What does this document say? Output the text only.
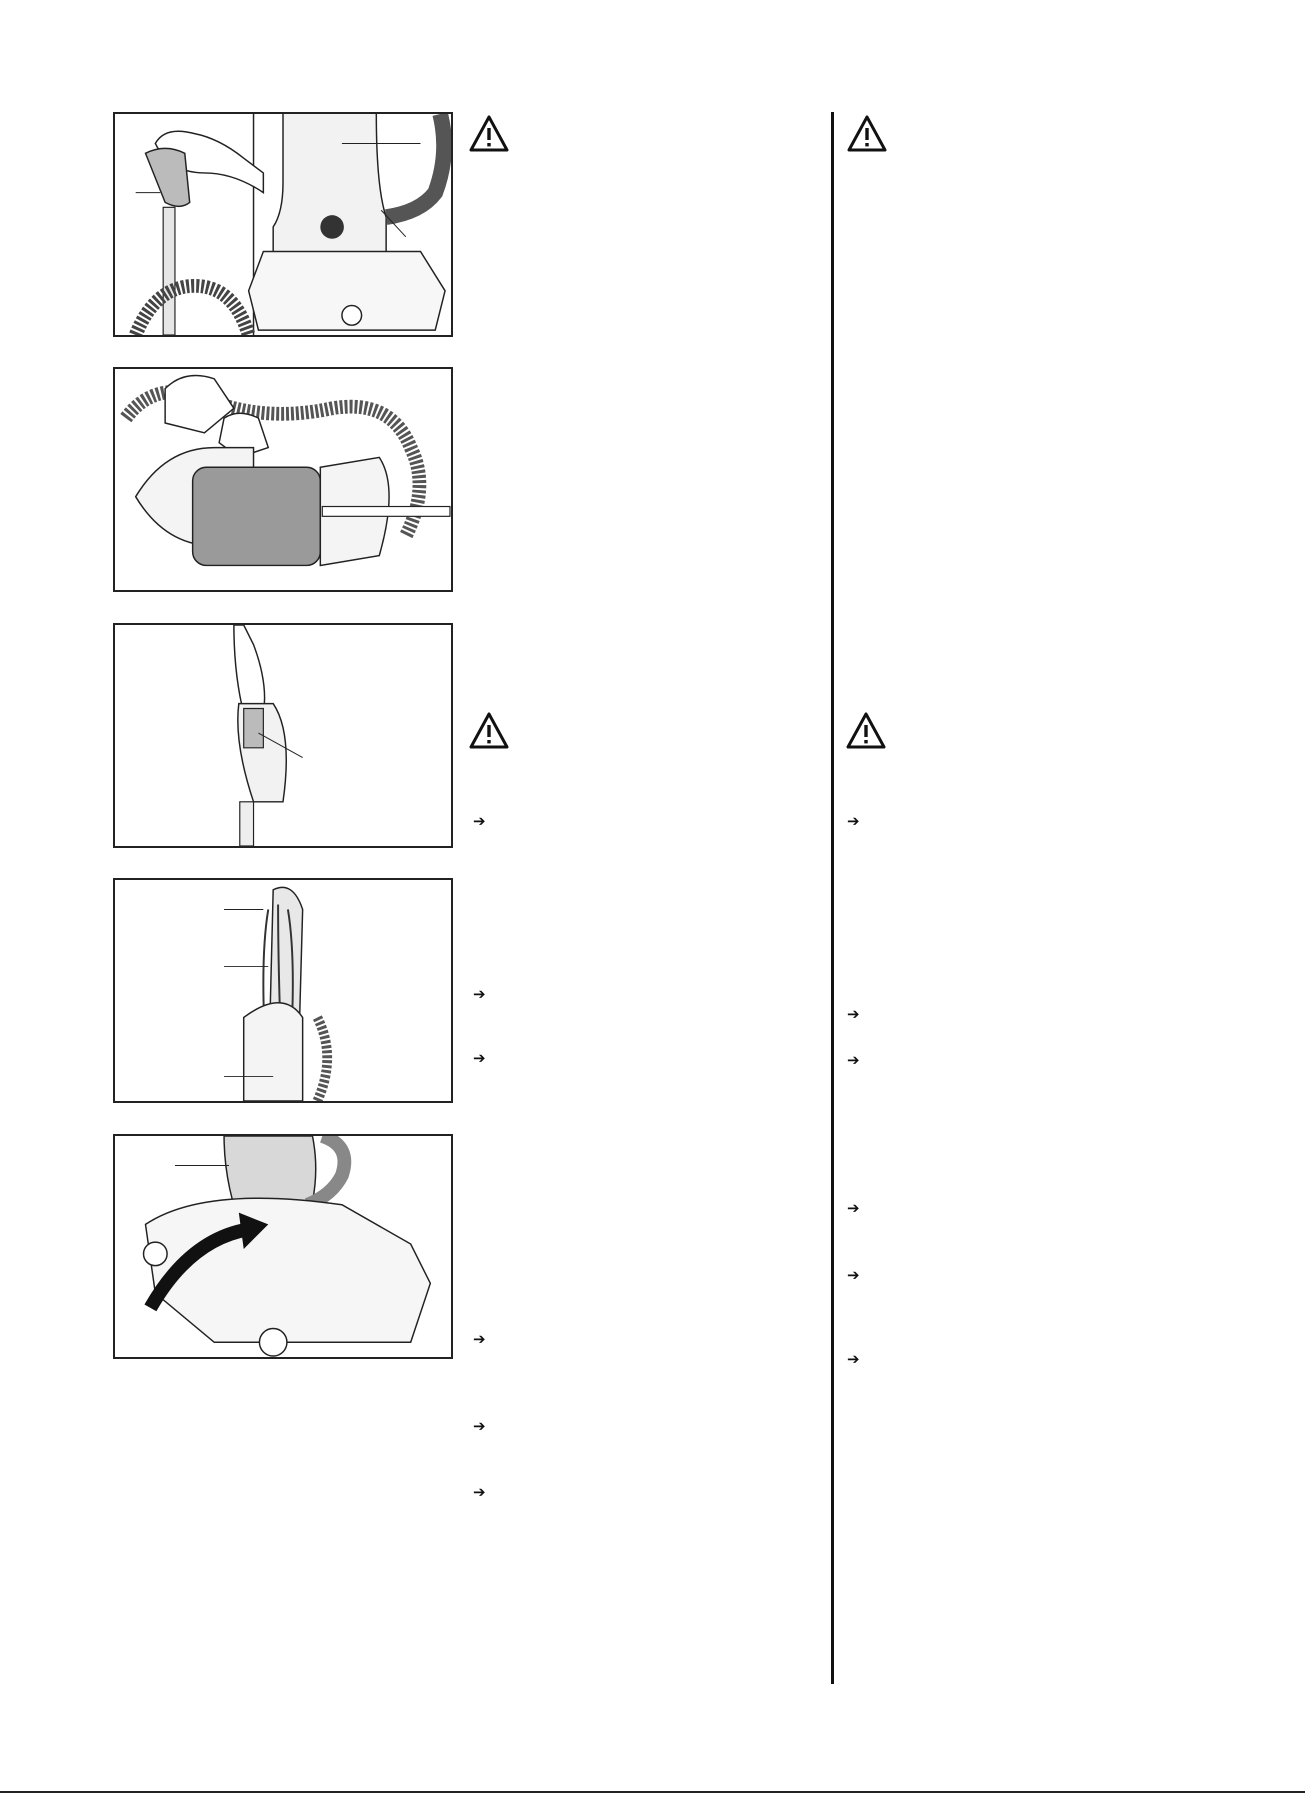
➔
➔
➔
➔
➔
➔
➔
➔
➔
➔
➔
➔
